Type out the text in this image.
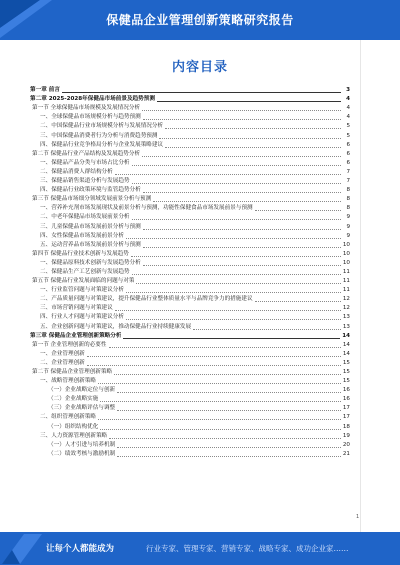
保健品企业管理创新策略研究报告
内容目录
第一章 前言	3
第二章 2025-2028年保健品市场前景及趋势预测	4
第一节 全球保健品市场规模及发展情况分析	4
一、全球保健品市场规模分析与趋势预测	4
二、中国保健品行业市场规模分析与发展情况分析	5
三、中国保健品消费者行为分析与消费趋势预测	5
四、保健品行业竞争格局分析与企业发展策略建议	6
第二节 保健品行业产品结构及发展趋势分析	6
一、保健品产品分类与市场占比分析	6
二、保健品消费人群结构分析	7
三、保健品销售渠道分析与发展趋势	7
四、保健品行业政策环境与监管趋势分析	8
第三节 保健品市场细分领域发展前景分析与预测	8
一、营养补充剂市场发展现状及前景分析与预测，功能性保健食品市场发展前景与预测	8
二、中老年保健品市场发展前景分析	9
三、儿童保健品市场发展前景分析与预测	9
四、女性保健品市场发展前景分析	9
五、运动营养品市场发展前景分析与预测	10
第四节 保健品行业技术创新与发展趋势	10
一、保健品原料技术创新与发展趋势分析	10
二、保健品生产工艺创新与发展趋势	11
第五节 保健品行业发展面临的问题与对策	11
一、行业监管问题与对策建议分析	11
二、产品质量问题与对策建议，提升保健品行业整体质量水平与品牌竞争力的措施建议	12
三、市场营销问题与对策建议	12
四、行业人才问题与对策建议分析	13
五、企业创新问题与对策建议，推动保健品行业持续健康发展	13
第三章 保健品企业管理创新策略分析	14
第一节 企业管理创新的必要性	14
一、企业管理创新	14
二、企业管理创新	15
第二节 保健品企业管理创新策略	15
一、战略管理创新策略	15
（一）企业战略定位与创新	16
（二）企业战略实施	16
（三）企业战略评估与调整	17
二、组织管理创新策略	17
（一）组织结构优化	18
三、人力资源管理创新策略	19
（一）人才引进与培养机制	20
（二）绩效考核与激励机制	21
1
让每个人都能成为	行业专家、管理专家、营销专家、战略专家、成功企业家……
